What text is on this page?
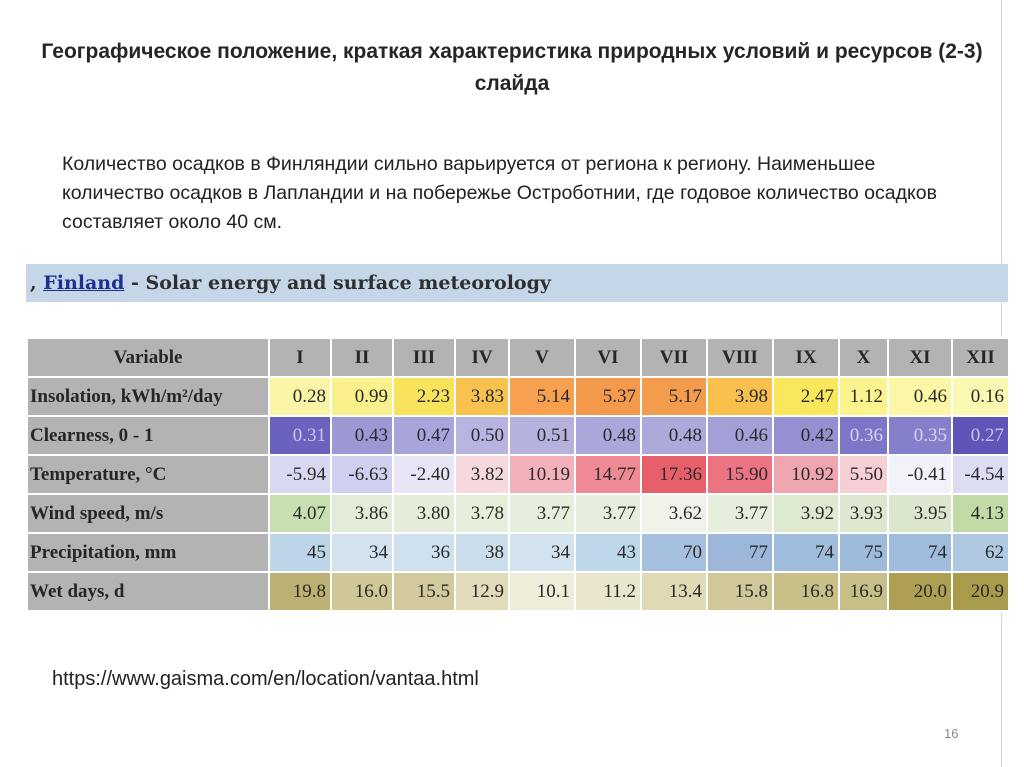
Географическое положение, краткая характеристика природных условий и ресурсов (2-3) слайда
Количество осадков в Финляндии сильно варьируется от региона к региону. Наименьшее количество осадков в Лапландии и на побережье Остроботнии, где годовое количество осадков составляет около 40 см.
, Finland - Solar energy and surface meteorology
Variable	I	II	III	IV	V	VI	VII	VIII	IX	X	XI	XII
Insolation, kWh/m²/day	0.28	0.99	2.23	3.83	5.14	5.37	5.17	3.98	2.47	1.12	0.46	0.16
Clearness, 0 - 1	0.31	0.43	0.47	0.50	0.51	0.48	0.48	0.46	0.42	0.36	0.35	0.27
Temperature, °C	-5.94	-6.63	-2.40	3.82	10.19	14.77	17.36	15.90	10.92	5.50	-0.41	-4.54
Wind speed, m/s	4.07	3.86	3.80	3.78	3.77	3.77	3.62	3.77	3.92	3.93	3.95	4.13
Precipitation, mm	45	34	36	38	34	43	70	77	74	75	74	62
Wet days, d	19.8	16.0	15.5	12.9	10.1	11.2	13.4	15.8	16.8	16.9	20.0	20.9
https://www.gaisma.com/en/location/vantaa.html
16
